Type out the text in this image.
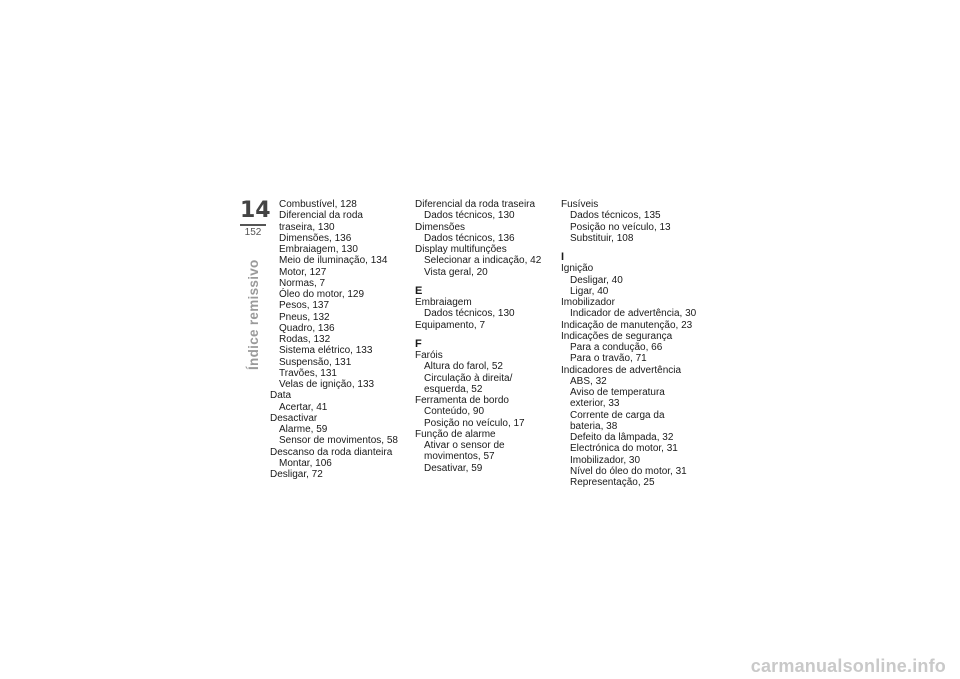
14
152
Índice remissivo
Combustível, 128
Diferencial da roda
traseira, 130
Dimensões, 136
Embraiagem, 130
Meio de iluminação, 134
Motor, 127
Normas, 7
Óleo do motor, 129
Pesos, 137
Pneus, 132
Quadro, 136
Rodas, 132
Sistema elétrico, 133
Suspensão, 131
Travões, 131
Velas de ignição, 133
Data
Acertar, 41
Desactivar
Alarme, 59
Sensor de movimentos, 58
Descanso da roda dianteira
Montar, 106
Desligar, 72
Diferencial da roda traseira
Dados técnicos, 130
Dimensões
Dados técnicos, 136
Display multifunções
Selecionar a indicação, 42
Vista geral, 20
E
Embraiagem
Dados técnicos, 130
Equipamento, 7
F
Faróis
Altura do farol, 52
Circulação à direita/
esquerda, 52
Ferramenta de bordo
Conteúdo, 90
Posição no veículo, 17
Função de alarme
Ativar o sensor de
movimentos, 57
Desativar, 59
Fusíveis
Dados técnicos, 135
Posição no veículo, 13
Substituir, 108
I
Ignição
Desligar, 40
Ligar, 40
Imobilizador
Indicador de advertência, 30
Indicação de manutenção, 23
Indicações de segurança
Para a condução, 66
Para o travão, 71
Indicadores de advertência
ABS, 32
Aviso de temperatura
exterior, 33
Corrente de carga da
bateria, 38
Defeito da lâmpada, 32
Electrónica do motor, 31
Imobilizador, 30
Nível do óleo do motor, 31
Representação, 25
carmanualsonline.info
